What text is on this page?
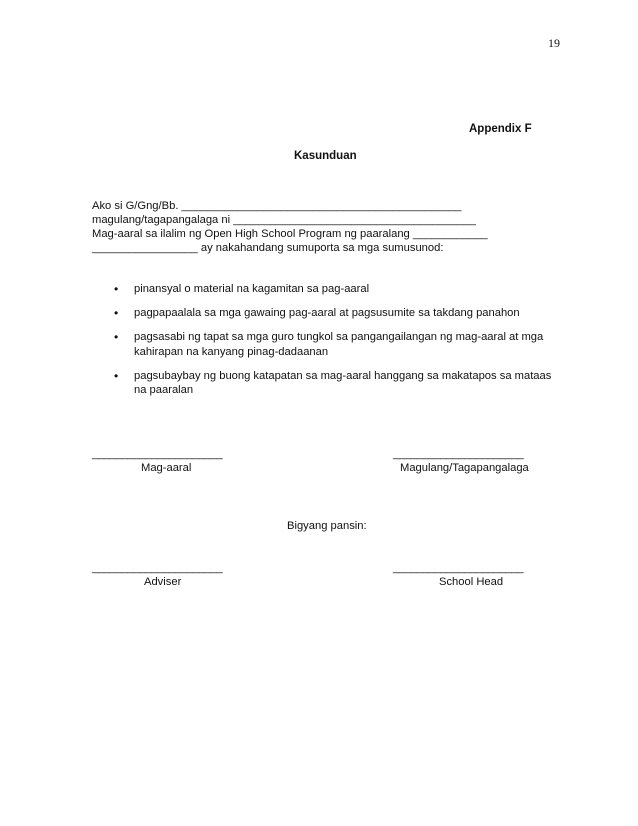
19
Appendix F
Kasunduan
Ako si G/Gng/Bb. _____________________________________________
magulang/tagapangalaga ni _______________________________________
Mag-aaral sa ilalim ng Open High School Program ng paaralang ____________
_________________ ay nakahandang sumuporta sa mga sumusunod:
• pinansyal o material na kagamitan sa pag-aaral
• pagpapaalala sa mga gawaing pag-aaral at pagsusumite sa takdang panahon
• pagsasabi ng tapat sa mga guro tungkol sa pangangailangan ng mag-aaral at mga kahirapan na kanyang pinag-dadaanan
• pagsubaybay ng buong katapatan sa mag-aaral hanggang sa makatapos sa mataas na paaralan
______________________
Mag-aaral
______________________
Magulang/Tagapangalaga
Bigyang pansin:
______________________
Adviser
______________________
School Head
